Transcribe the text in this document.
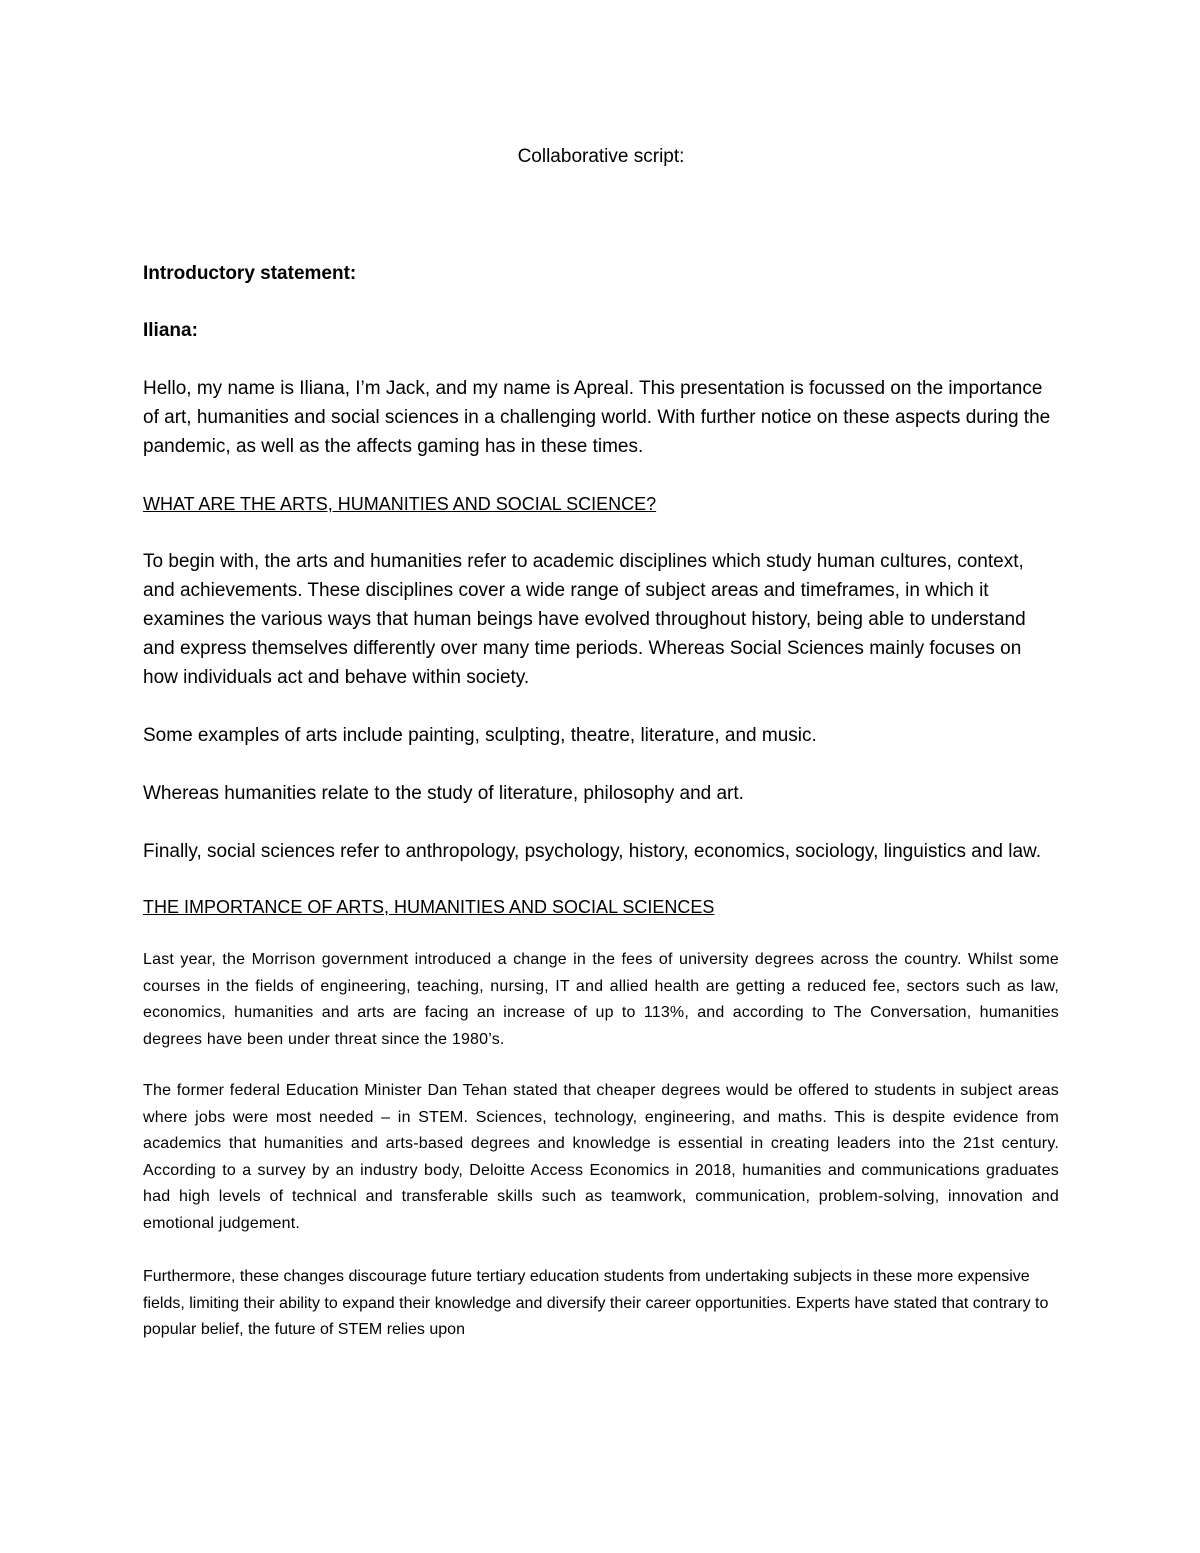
Collaborative script:

Introductory statement:

Iliana:

Hello, my name is Iliana, I’m Jack, and my name is Apreal. This presentation is focussed on the importance of art, humanities and social sciences in a challenging world. With further notice on these aspects during the pandemic, as well as the affects gaming has in these times.

WHAT ARE THE ARTS, HUMANITIES AND SOCIAL SCIENCE?

To begin with, the arts and humanities refer to academic disciplines which study human cultures, context, and achievements. These disciplines cover a wide range of subject areas and timeframes, in which it examines the various ways that human beings have evolved throughout history, being able to understand and express themselves differently over many time periods. Whereas Social Sciences mainly focuses on how individuals act and behave within society.

Some examples of arts include painting, sculpting, theatre, literature, and music.

Whereas humanities relate to the study of literature, philosophy and art.

Finally, social sciences refer to anthropology, psychology, history, economics, sociology, linguistics and law.

THE IMPORTANCE OF ARTS, HUMANITIES AND SOCIAL SCIENCES

Last year, the Morrison government introduced a change in the fees of university degrees across the country. Whilst some courses in the fields of engineering, teaching, nursing, IT and allied health are getting a reduced fee, sectors such as law, economics, humanities and arts are facing an increase of up to 113%, and according to The Conversation, humanities degrees have been under threat since the 1980’s.

The former federal Education Minister Dan Tehan stated that cheaper degrees would be offered to students in subject areas where jobs were most needed – in STEM. Sciences, technology, engineering, and maths. This is despite evidence from academics that humanities and arts-based degrees and knowledge is essential in creating leaders into the 21st century. According to a survey by an industry body, Deloitte Access Economics in 2018, humanities and communications graduates had high levels of technical and transferable skills such as teamwork, communication, problem-solving, innovation and emotional judgement.

Furthermore, these changes discourage future tertiary education students from undertaking subjects in these more expensive fields, limiting their ability to expand their knowledge and diversify their career opportunities. Experts have stated that contrary to popular belief, the future of STEM relies upon
